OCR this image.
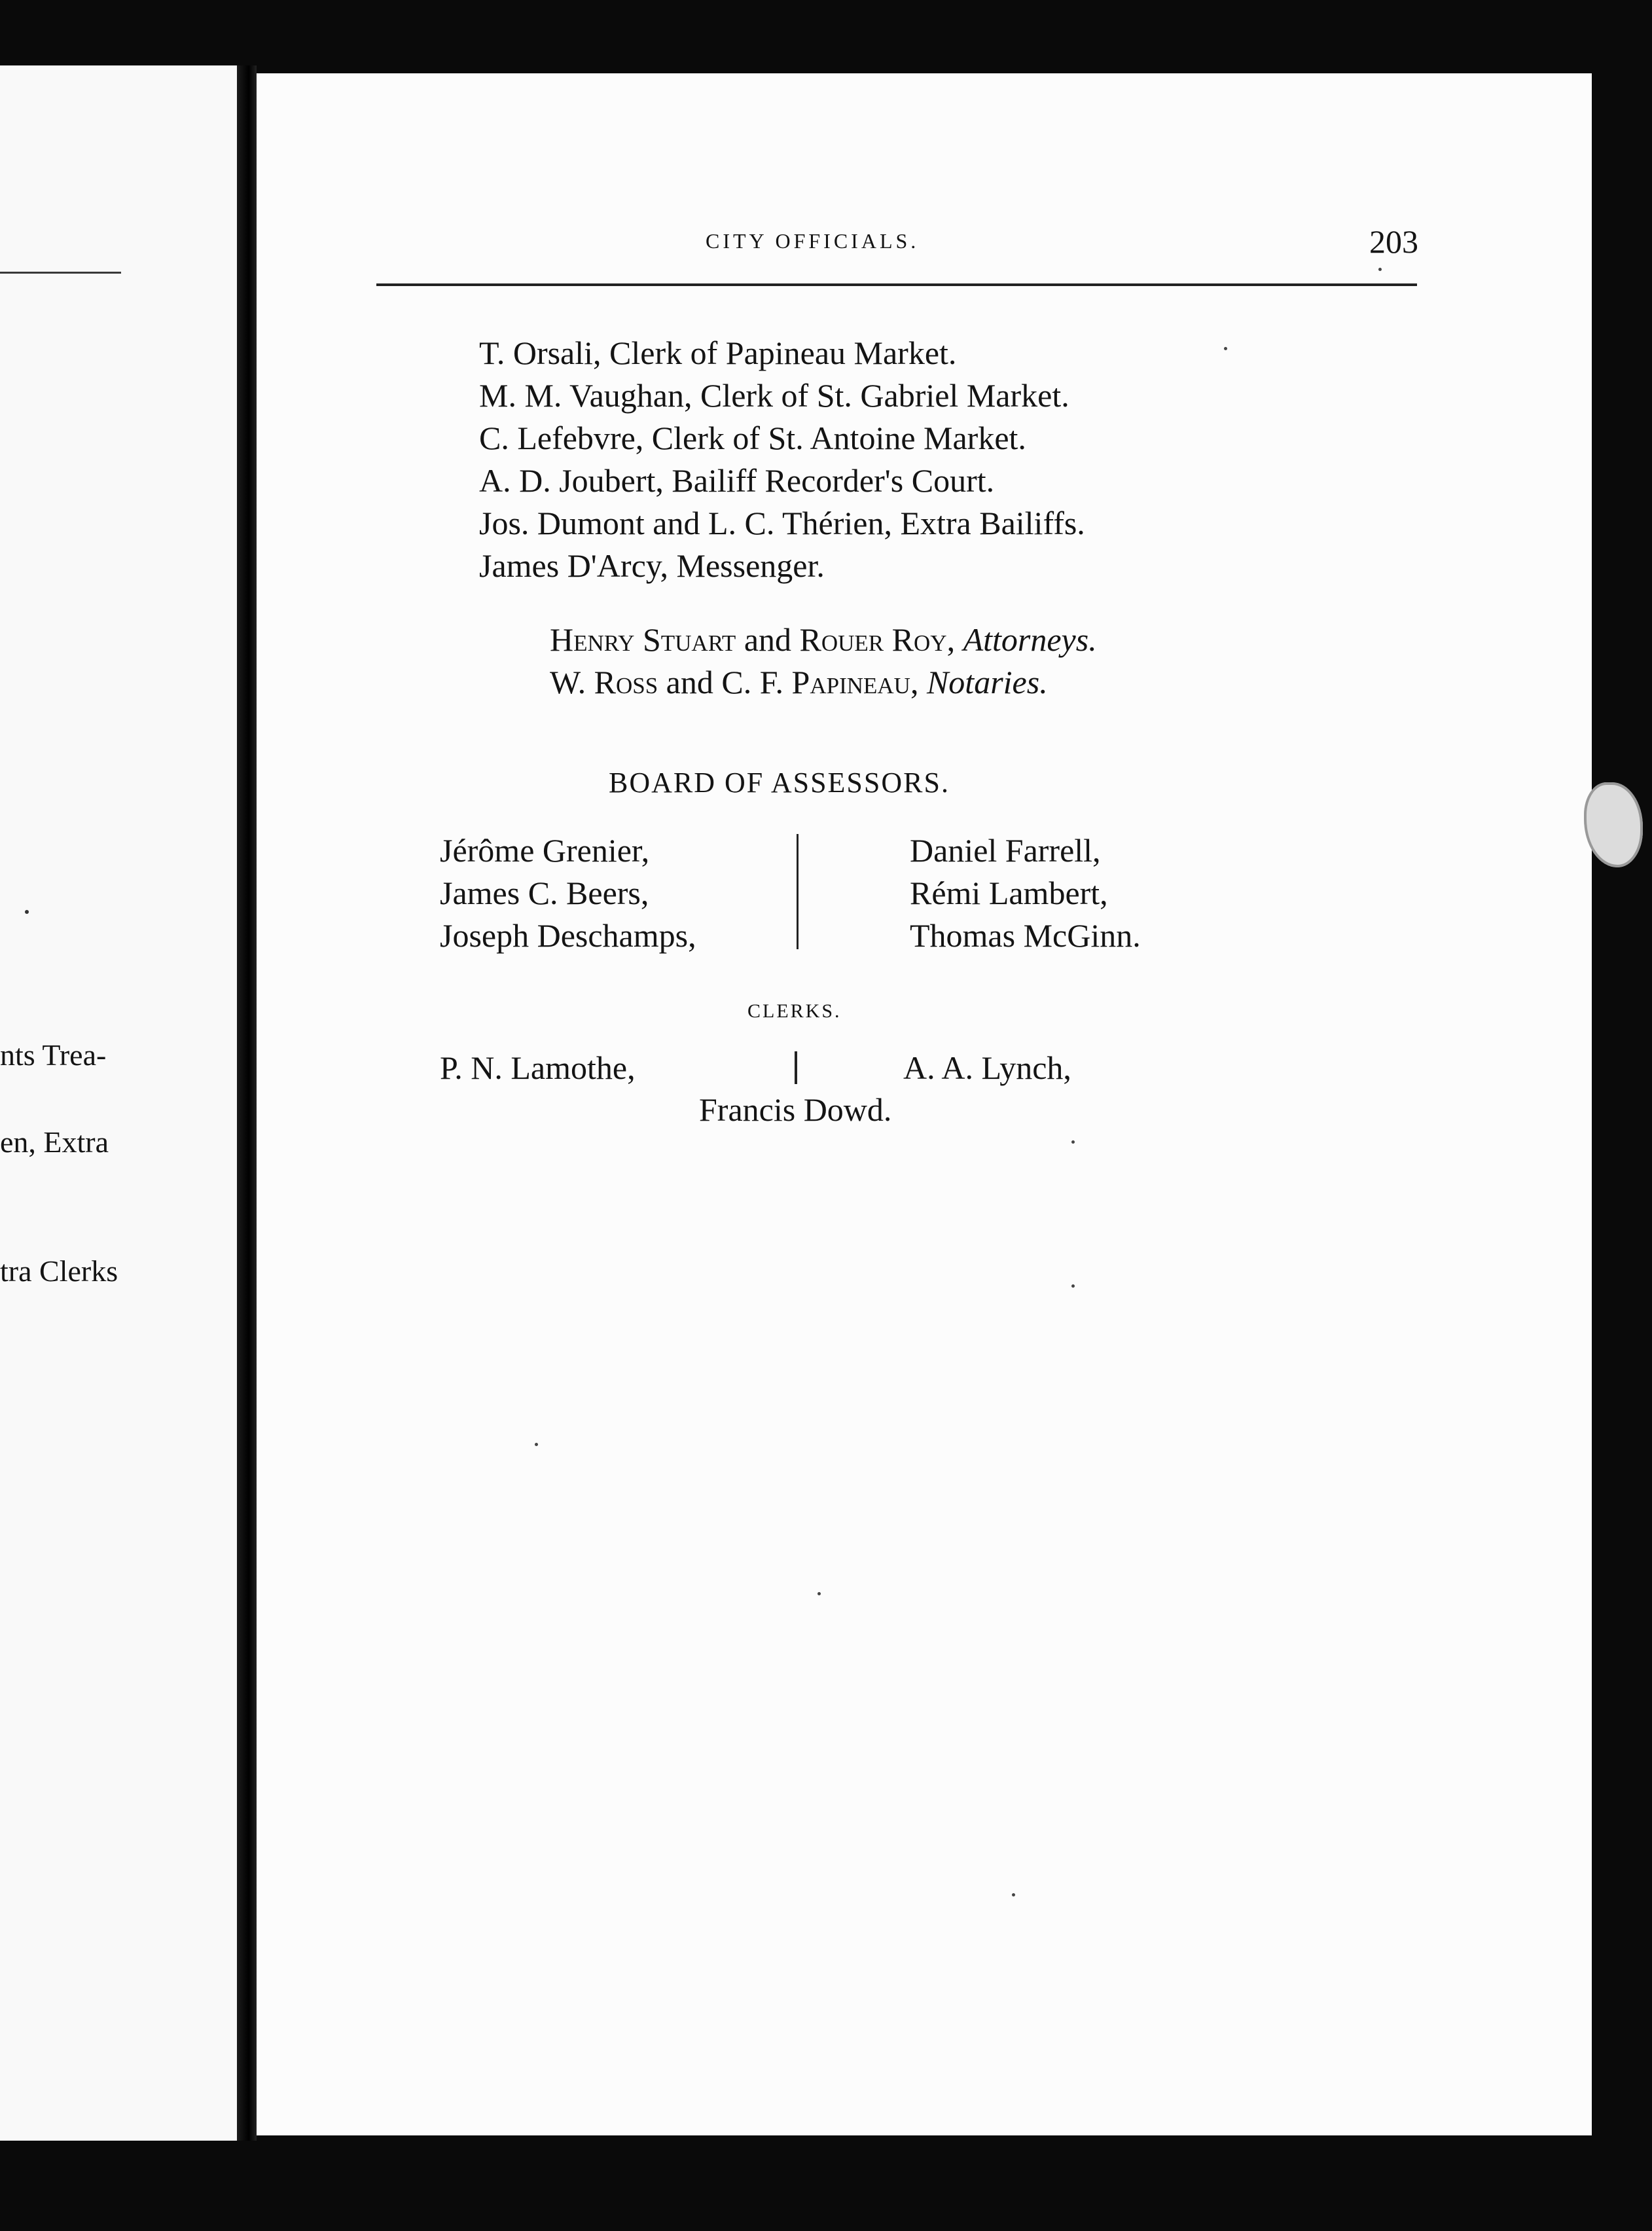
nts Trea-
en, Extra
tra Clerks
CITY OFFICIALS.	203
T. Orsali, Clerk of Papineau Market.
M. M. Vaughan, Clerk of St. Gabriel Market.
C. Lefebvre, Clerk of St. Antoine Market.
A. D. Joubert, Bailiff Recorder's Court.
Jos. Dumont and L. C. Thérien, Extra Bailiffs.
James D'Arcy, Messenger.
Henry Stuart and Rouer Roy, Attorneys.
W. Ross and C. F. Papineau, Notaries.
BOARD OF ASSESSORS.
Jérôme Grenier,
James C. Beers,
Joseph Deschamps,
Daniel Farrell,
Rémi Lambert,
Thomas McGinn.
CLERKS.
P. N. Lamothe,	A. A. Lynch,
Francis Dowd.
